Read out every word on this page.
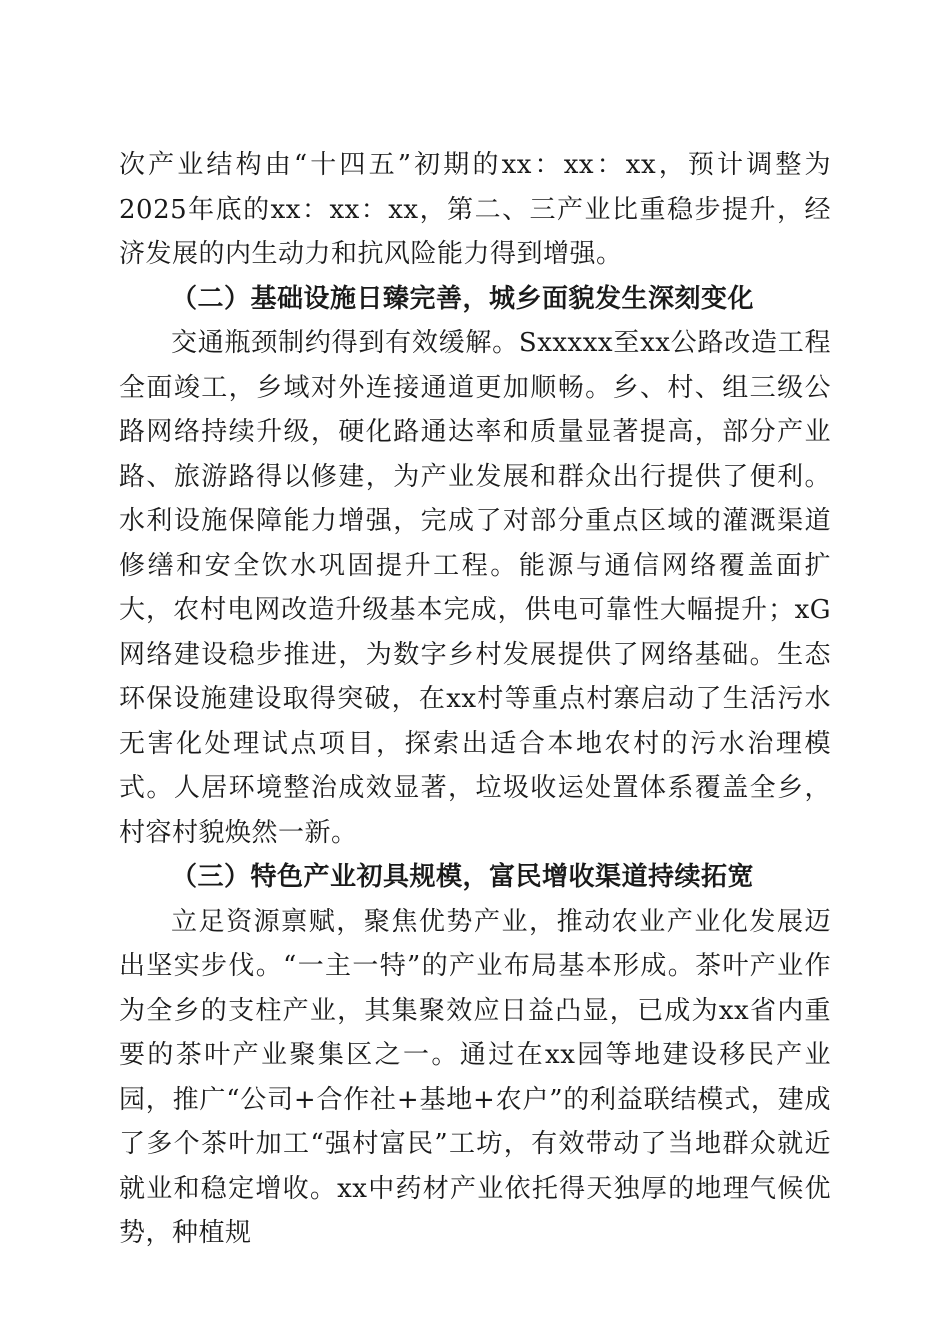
次产业结构由“十四五”初期的xx：xx：xx，预计调整为2025年底的xx：xx：xx，第二、三产业比重稳步提升，经济发展的内生动力和抗风险能力得到增强。

（二）基础设施日臻完善，城乡面貌发生深刻变化

交通瓶颈制约得到有效缓解。Sxxxxx至xx公路改造工程全面竣工，乡域对外连接通道更加顺畅。乡、村、组三级公路网络持续升级，硬化路通达率和质量显著提高，部分产业路、旅游路得以修建，为产业发展和群众出行提供了便利。水利设施保障能力增强，完成了对部分重点区域的灌溉渠道修缮和安全饮水巩固提升工程。能源与通信网络覆盖面扩大，农村电网改造升级基本完成，供电可靠性大幅提升；xG网络建设稳步推进，为数字乡村发展提供了网络基础。生态环保设施建设取得突破，在xx村等重点村寨启动了生活污水无害化处理试点项目，探索出适合本地农村的污水治理模式。人居环境整治成效显著，垃圾收运处置体系覆盖全乡，村容村貌焕然一新。

（三）特色产业初具规模，富民增收渠道持续拓宽

立足资源禀赋，聚焦优势产业，推动农业产业化发展迈出坚实步伐。“一主一特”的产业布局基本形成。茶叶产业作为全乡的支柱产业，其集聚效应日益凸显，已成为xx省内重要的茶叶产业聚集区之一。通过在xx园等地建设移民产业园，推广“公司+合作社+基地+农户”的利益联结模式，建成了多个茶叶加工“强村富民”工坊，有效带动了当地群众就近就业和稳定增收。xx中药材产业依托得天独厚的地理气候优势，种植规
